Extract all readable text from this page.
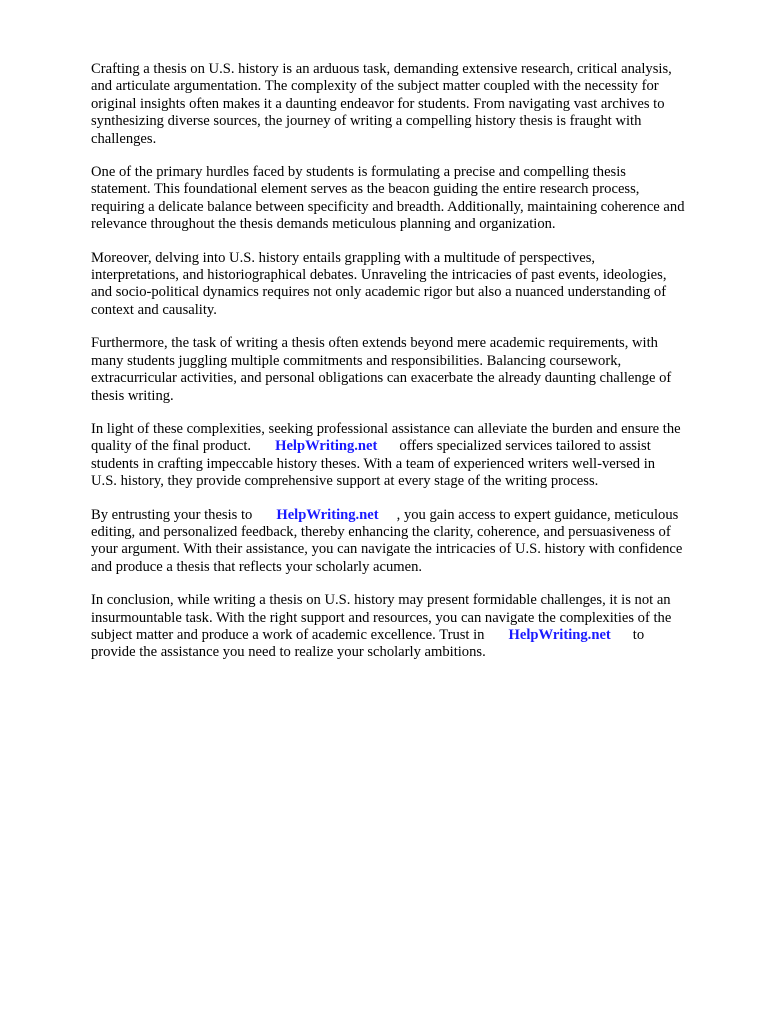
Crafting a thesis on U.S. history is an arduous task, demanding extensive research, critical analysis,
and articulate argumentation. The complexity of the subject matter coupled with the necessity for
original insights often makes it a daunting endeavor for students. From navigating vast archives to
synthesizing diverse sources, the journey of writing a compelling history thesis is fraught with
challenges.

One of the primary hurdles faced by students is formulating a precise and compelling thesis
statement. This foundational element serves as the beacon guiding the entire research process,
requiring a delicate balance between specificity and breadth. Additionally, maintaining coherence and
relevance throughout the thesis demands meticulous planning and organization.

Moreover, delving into U.S. history entails grappling with a multitude of perspectives,
interpretations, and historiographical debates. Unraveling the intricacies of past events, ideologies,
and socio-political dynamics requires not only academic rigor but also a nuanced understanding of
context and causality.

Furthermore, the task of writing a thesis often extends beyond mere academic requirements, with
many students juggling multiple commitments and responsibilities. Balancing coursework,
extracurricular activities, and personal obligations can exacerbate the already daunting challenge of
thesis writing.

In light of these complexities, seeking professional assistance can alleviate the burden and ensure the
quality of the final product. HelpWriting.net offers specialized services tailored to assist
students in crafting impeccable history theses. With a team of experienced writers well-versed in
U.S. history, they provide comprehensive support at every stage of the writing process.

By entrusting your thesis to HelpWriting.net , you gain access to expert guidance, meticulous
editing, and personalized feedback, thereby enhancing the clarity, coherence, and persuasiveness of
your argument. With their assistance, you can navigate the intricacies of U.S. history with confidence
and produce a thesis that reflects your scholarly acumen.

In conclusion, while writing a thesis on U.S. history may present formidable challenges, it is not an
insurmountable task. With the right support and resources, you can navigate the complexities of the
subject matter and produce a work of academic excellence. Trust in HelpWriting.net to
provide the assistance you need to realize your scholarly ambitions.
